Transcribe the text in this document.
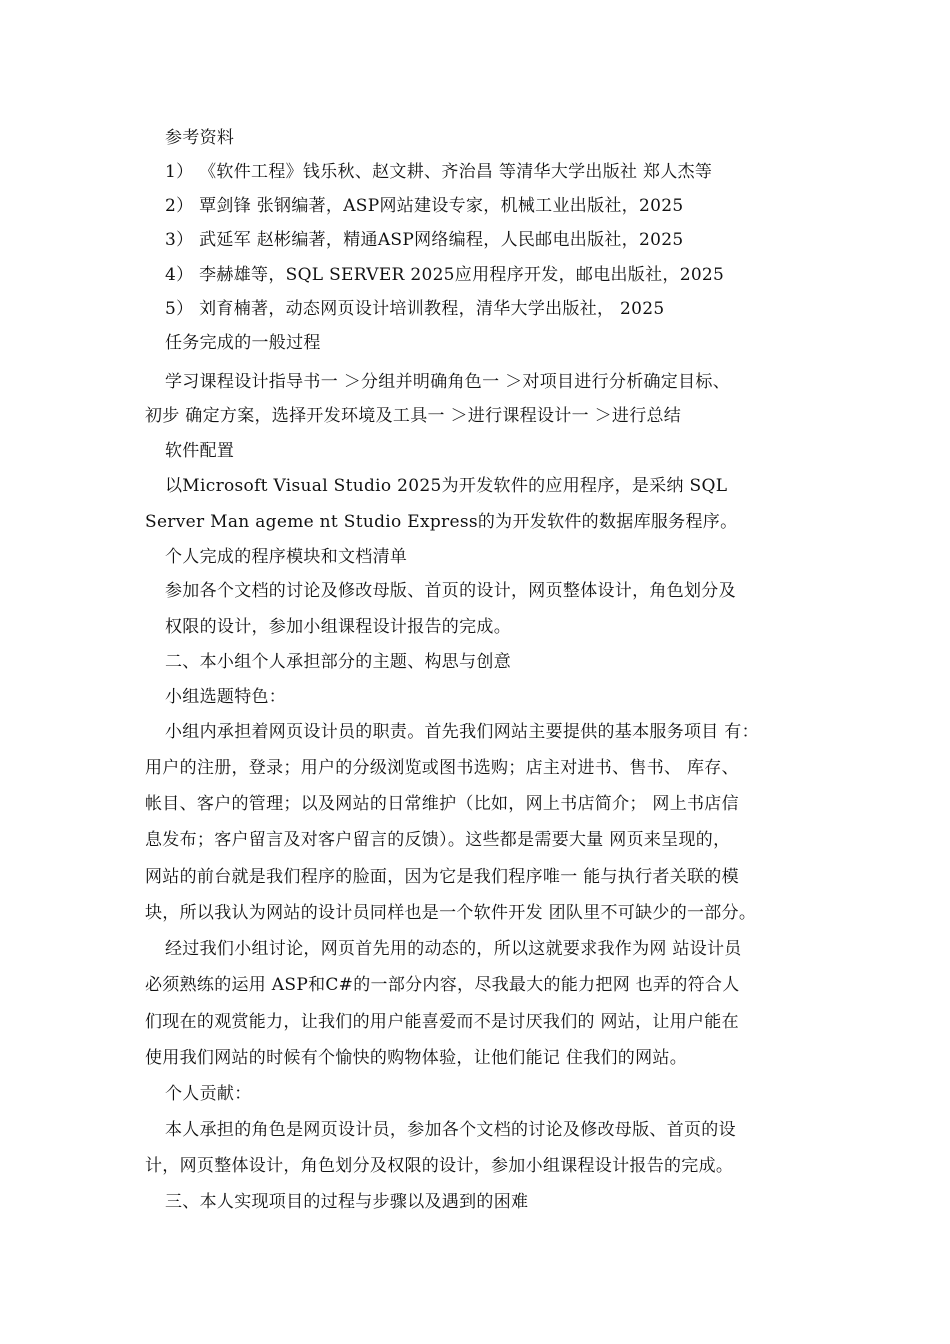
参考资料
1） 《软件工程》钱乐秋、赵文耕、齐治昌 等清华大学出版社 郑人杰等
2） 覃剑锋 张钢编著，ASP网站建设专家，机械工业出版社，2025
3） 武延军 赵彬编著，精通ASP网络编程，人民邮电出版社，2025
4） 李赫雄等，SQL SERVER 2025应用程序开发，邮电出版社，2025
5） 刘育楠著，动态网页设计培训教程，清华大学出版社， 2025
任务完成的一般过程
学习课程设计指导书一 ＞分组并明确角色一 ＞对项目进行分析确定目标、
初步 确定方案，选择开发环境及工具一 ＞进行课程设计一 ＞进行总结
软件配置
以Microsoft Visual Studio 2025为开发软件的应用程序，是采纳 SQL
Server Man ageme nt Studio Express的为开发软件的数据库服务程序。
个人完成的程序模块和文档清单
参加各个文档的讨论及修改母版、首页的设计，网页整体设计，角色划分及
权限的设计，参加小组课程设计报告的完成。
二、本小组个人承担部分的主题、构思与创意
小组选题特色：
小组内承担着网页设计员的职责。首先我们网站主要提供的基本服务项目 有：
用户的注册，登录；用户的分级浏览或图书选购；店主对进书、售书、 库存、
帐目、客户的管理；以及网站的日常维护（比如，网上书店简介； 网上书店信
息发布；客户留言及对客户留言的反馈）。这些都是需要大量 网页来呈现的，
网站的前台就是我们程序的脸面，因为它是我们程序唯一 能与执行者关联的模
块，所以我认为网站的设计员同样也是一个软件开发 团队里不可缺少的一部分。
经过我们小组讨论，网页首先用的动态的，所以这就要求我作为网 站设计员
必须熟练的运用 ASP和C#的一部分内容，尽我最大的能力把网 也弄的符合人
们现在的观赏能力，让我们的用户能喜爱而不是讨厌我们的 网站，让用户能在
使用我们网站的时候有个愉快的购物体验，让他们能记 住我们的网站。
个人贡献：
本人承担的角色是网页设计员，参加各个文档的讨论及修改母版、首页的设
计，网页整体设计，角色划分及权限的设计，参加小组课程设计报告的完成。
三、本人实现项目的过程与步骤以及遇到的困难
